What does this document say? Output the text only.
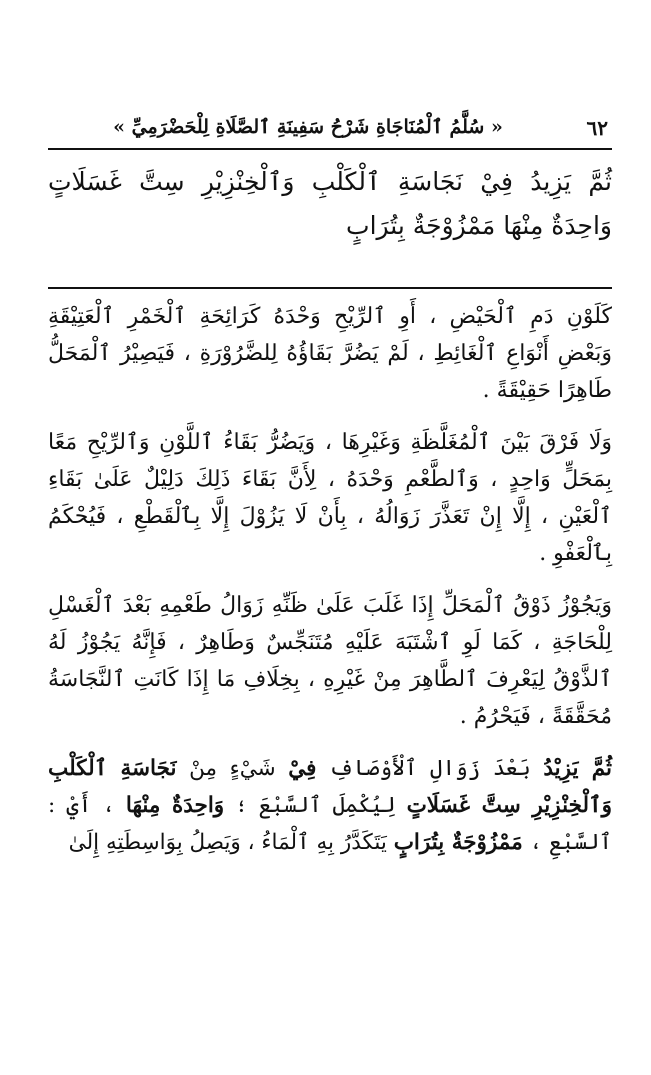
٦٢
« سُلَّمُ ٱلْمُنَاجَاةِ شَرْحُ سَفِينَةِ ٱلصَّلَاةِ لِلْحَضْرَمِيِّ »

ثُمَّ يَزِيدُ فِيْ نَجَاسَةِ ٱلْكَلْبِ وَٱلْخِنْزِيْرِ سِتَّ غَسَلَاتٍ وَاحِدَةٌ مِنْهَا مَمْزُوْجَةٌ بِتُرَابٍ

كَلَوْنِ دَمِ ٱلْحَيْضِ ، أَوِ ٱلرِّيْحِ وَحْدَهُ كَرَائِحَةِ ٱلْخَمْرِ ٱلْعَتِيْقَةِ وَبَعْضِ أَنْوَاعِ ٱلْغَائِطِ ، لَمْ يَضُرَّ بَقَاؤُهُ لِلضَّرُوْرَةِ ، فَيَصِيْرُ ٱلْمَحَلُّ طَاهِرًا حَقِيْقَةً .

وَلَا فَرْقَ بَيْنَ ٱلْمُغَلَّظَةِ وَغَيْرِهَا ، وَيَضُرُّ بَقَاءُ ٱللَّوْنِ وَٱلرِّيْحِ مَعًا بِمَحَلٍّ وَاحِدٍ ، وَٱلطَّعْمِ وَحْدَهُ ، لِأَنَّ بَقَاءَ ذَلِكَ دَلِيْلٌ عَلَىٰ بَقَاءِ ٱلْعَيْنِ ، إِلَّا إِنْ تَعَذَّرَ زَوَالُهُ ، بِأَنْ لَا يَزُوْلَ إِلَّا بِٱلْقَطْعِ ، فَيُحْكَمُ بِٱلْعَفْوِ .

وَيَجُوْزُ ذَوْقُ ٱلْمَحَلِّ إِذَا غَلَبَ عَلَىٰ ظَنِّهِ زَوَالُ طَعْمِهِ بَعْدَ ٱلْغَسْلِ لِلْحَاجَةِ ، كَمَا لَوِ ٱشْتَبَهَ عَلَيْهِ مُتَنَجِّسٌ وَطَاهِرٌ ، فَإِنَّهُ يَجُوْزُ لَهُ ٱلذَّوْقُ لِيَعْرِفَ ٱلطَّاهِرَ مِنْ غَيْرِهِ ، بِخِلَافِ مَا إِذَا كَانَتِ ٱلنَّجَاسَةُ مُحَقَّقَةً ، فَيَحْرُمُ .

ثُمَّ يَزِيْدُ بَعْدَ زَوَالِ ٱلْأَوْصَافِ فِيْ شَيْءٍ مِنْ نَجَاسَةِ ٱلْكَلْبِ وَٱلْخِنْزِيْرِ سِتَّ غَسَلَاتٍ لِيُكْمِلَ ٱلسَّبْعَ ؛ وَاحِدَةٌ مِنْهَا ، أَيْ : ٱلسَّبْعِ ، مَمْزُوْجَةٌ بِتُرَابٍ يَتَكَدَّرُ بِهِ ٱلْمَاءُ ، وَيَصِلُ بِوَاسِطَتِهِ إِلَىٰ
